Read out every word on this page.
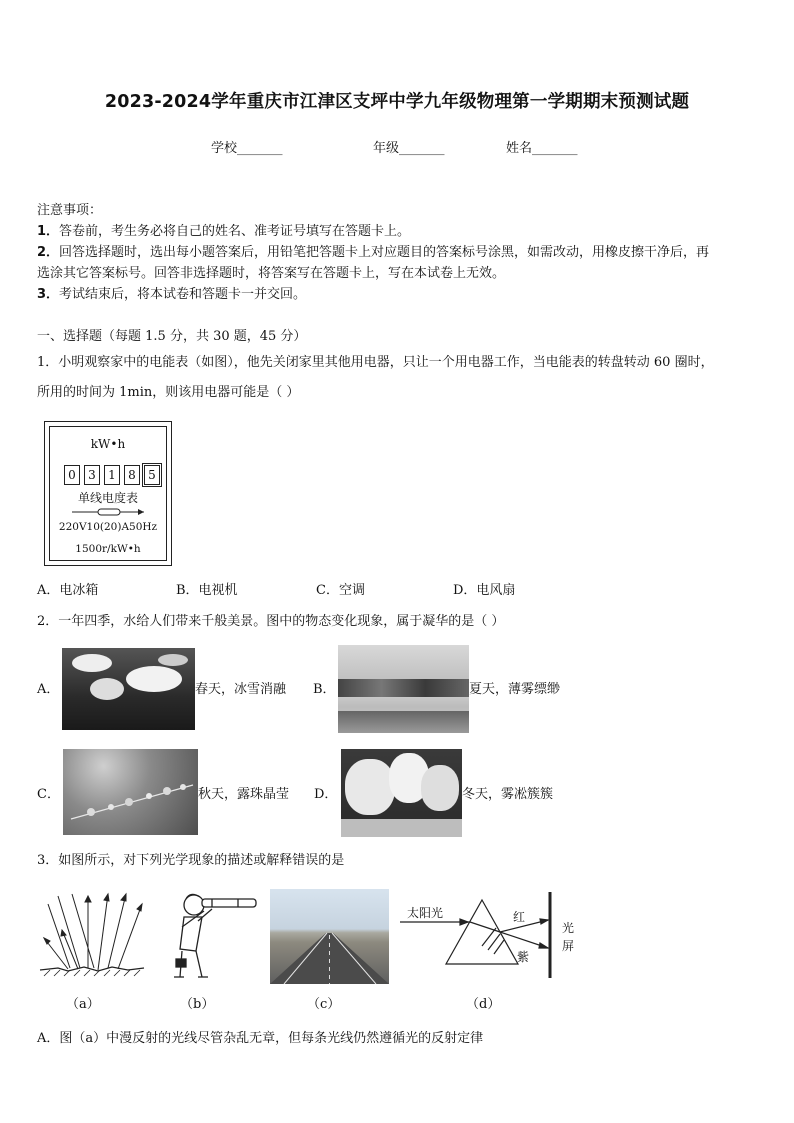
2023-2024学年重庆市江津区支坪中学九年级物理第一学期期末预测试题
学校_______	年级_______	姓名_______
注意事项：
1．答卷前，考生务必将自己的姓名、准考证号填写在答题卡上。
2．回答选择题时，选出每小题答案后，用铅笔把答题卡上对应题目的答案标号涂黑，如需改动，用橡皮擦干净后，再
选涂其它答案标号。回答非选择题时，将答案写在答题卡上，写在本试卷上无效。
3．考试结束后，将本试卷和答题卡一并交回。
一、选择题（每题 1.5 分，共 30 题，45 分）
1．小明观察家中的电能表（如图），他先关闭家里其他用电器，只让一个用电器工作，当电能表的转盘转动 60 圈时，
所用的时间为 1min，则该用电器可能是（ ）
kW•h
0	3	1	8	5
单线电度表
220V10(20)A50Hz
1500r/kW•h
A．电冰箱	B．电视机	C．空调	D．电风扇
2．一年四季，水给人们带来千般美景。图中的物态变化现象，属于凝华的是（ ）
A．	春天，冰雪消融 B．	夏天，薄雾缥缈
C．	秋天，露珠晶莹 D．	冬天，雾凇簇簇
3．如图所示，对下列光学现象的描述或解释错误的是
（a）	（b）	（c）
太阳光	红
紫
光
屏
（d）
A．图（a）中漫反射的光线尽管杂乱无章，但每条光线仍然遵循光的反射定律
